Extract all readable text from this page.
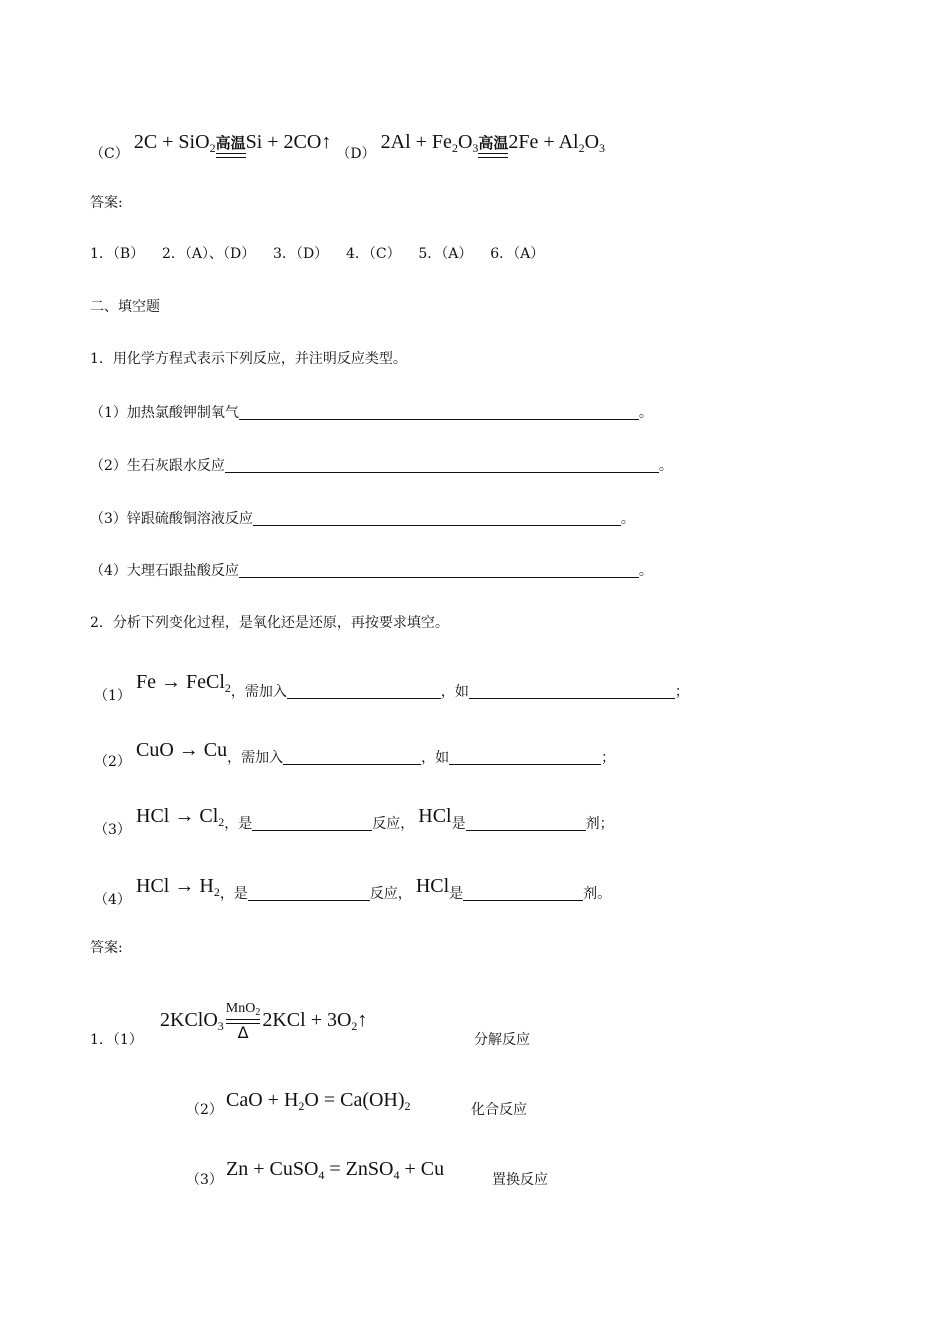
（C） 2C + SiO$_2$ 高温 Si + 2CO↑ （D） $2Al + Fe_2O_3$ 高温 $2Fe + Al_2O_3$
答案:
1．（B）    2．（A）、（D）    3．（D）    4．（C）    5．（A）    6．（A）
二、填空题
1．用化学方程式表示下列反应，并注明反应类型。
（1）加热氯酸钾制氧气	。
（2）生石灰跟水反应	。
（3）锌跟硫酸铜溶液反应	。
（4）大理石跟盐酸反应	。
2．分析下列变化过程，是氧化还是还原，再按要求填空。
（1） Fe → FeCl$_2$，需加入	，如	；
（2） CuO → Cu，需加入	，如	；
（3） HCl → $Cl_2$，是	反应， HCl是	剂；
（4） HCl → $H_2$，是	反应， HCl是	剂。
答案:
1．（1）
2KClO$_3$
MnO$_2$
Δ
$2KCl + 3O_2↑$
分解反应
（2） CaO + $H_2O = Ca(OH)_2$	化合反应
（3） Zn + CuSO$_4$ = ZnSO$_4$ + Cu	置换反应
